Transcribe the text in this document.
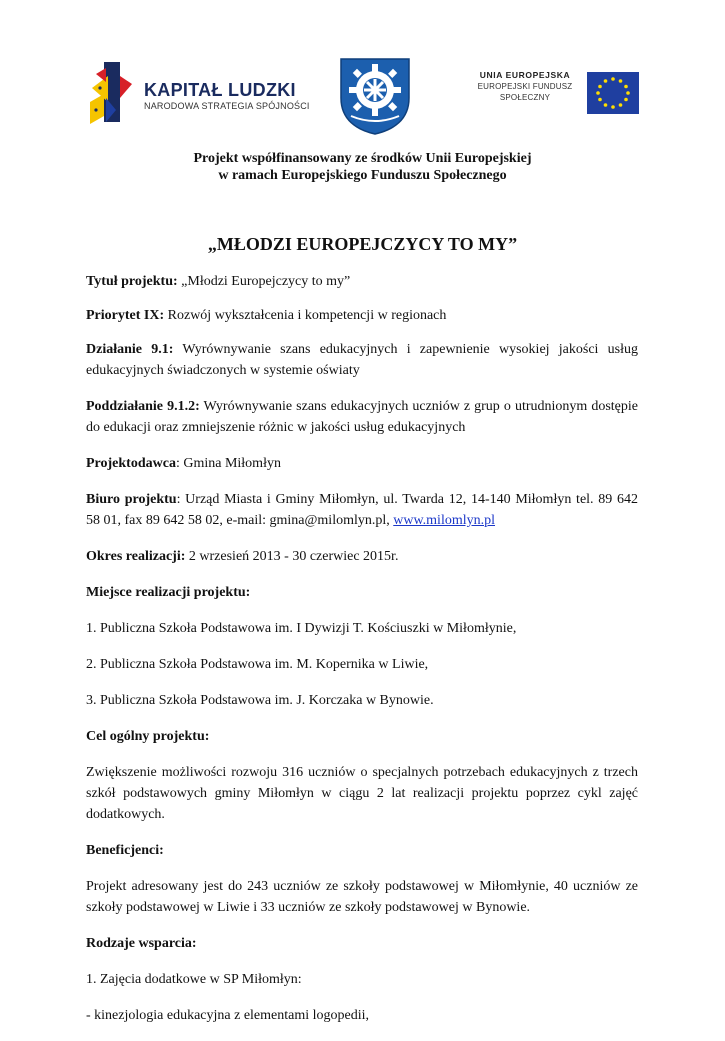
KAPITAŁ LUDZKI
NARODOWA STRATEGIA SPÓJNOŚCI
UNIA EUROPEJSKA
EUROPEJSKI FUNDUSZ
SPOŁECZNY
Projekt współfinansowany ze środków Unii Europejskiej
w ramach Europejskiego Funduszu Społecznego
„MŁODZI EUROPEJCZYCY TO MY”

Tytuł projektu: „Młodzi Europejczycy to my”

Priorytet IX: Rozwój wykształcenia i kompetencji w regionach

Działanie 9.1: Wyrównywanie szans edukacyjnych i zapewnienie wysokiej jakości usług edukacyjnych świadczonych w systemie oświaty

Poddziałanie 9.1.2: Wyrównywanie szans edukacyjnych uczniów z grup o utrudnionym dostępie do edukacji oraz zmniejszenie różnic w jakości usług edukacyjnych

Projektodawca: Gmina Miłomłyn

Biuro projektu: Urząd Miasta i Gminy Miłomłyn, ul. Twarda 12, 14-140 Miłomłyn tel. 89 642 58 01, fax 89 642 58 02, e-mail: gmina@milomlyn.pl, www.milomlyn.pl

Okres realizacji: 2 wrzesień 2013 ‐ 30 czerwiec 2015r.

Miejsce realizacji projektu:

1. Publiczna Szkoła Podstawowa im. I Dywizji T. Kościuszki w Miłomłynie,

2. Publiczna Szkoła Podstawowa im. M. Kopernika w Liwie,

3. Publiczna Szkoła Podstawowa im. J. Korczaka w Bynowie.

Cel ogólny projektu:

Zwiększenie możliwości rozwoju 316 uczniów o specjalnych potrzebach edukacyjnych z trzech szkół podstawowych gminy Miłomłyn w ciągu 2 lat realizacji projektu poprzez cykl zajęć dodatkowych.

Beneficjenci:

Projekt adresowany jest do 243 uczniów ze szkoły podstawowej w Miłomłynie, 40 uczniów ze szkoły podstawowej w Liwie i 33 uczniów ze szkoły podstawowej w Bynowie.

Rodzaje wsparcia:

1. Zajęcia dodatkowe w SP Miłomłyn:

- kinezjologia edukacyjna z elementami logopedii,
